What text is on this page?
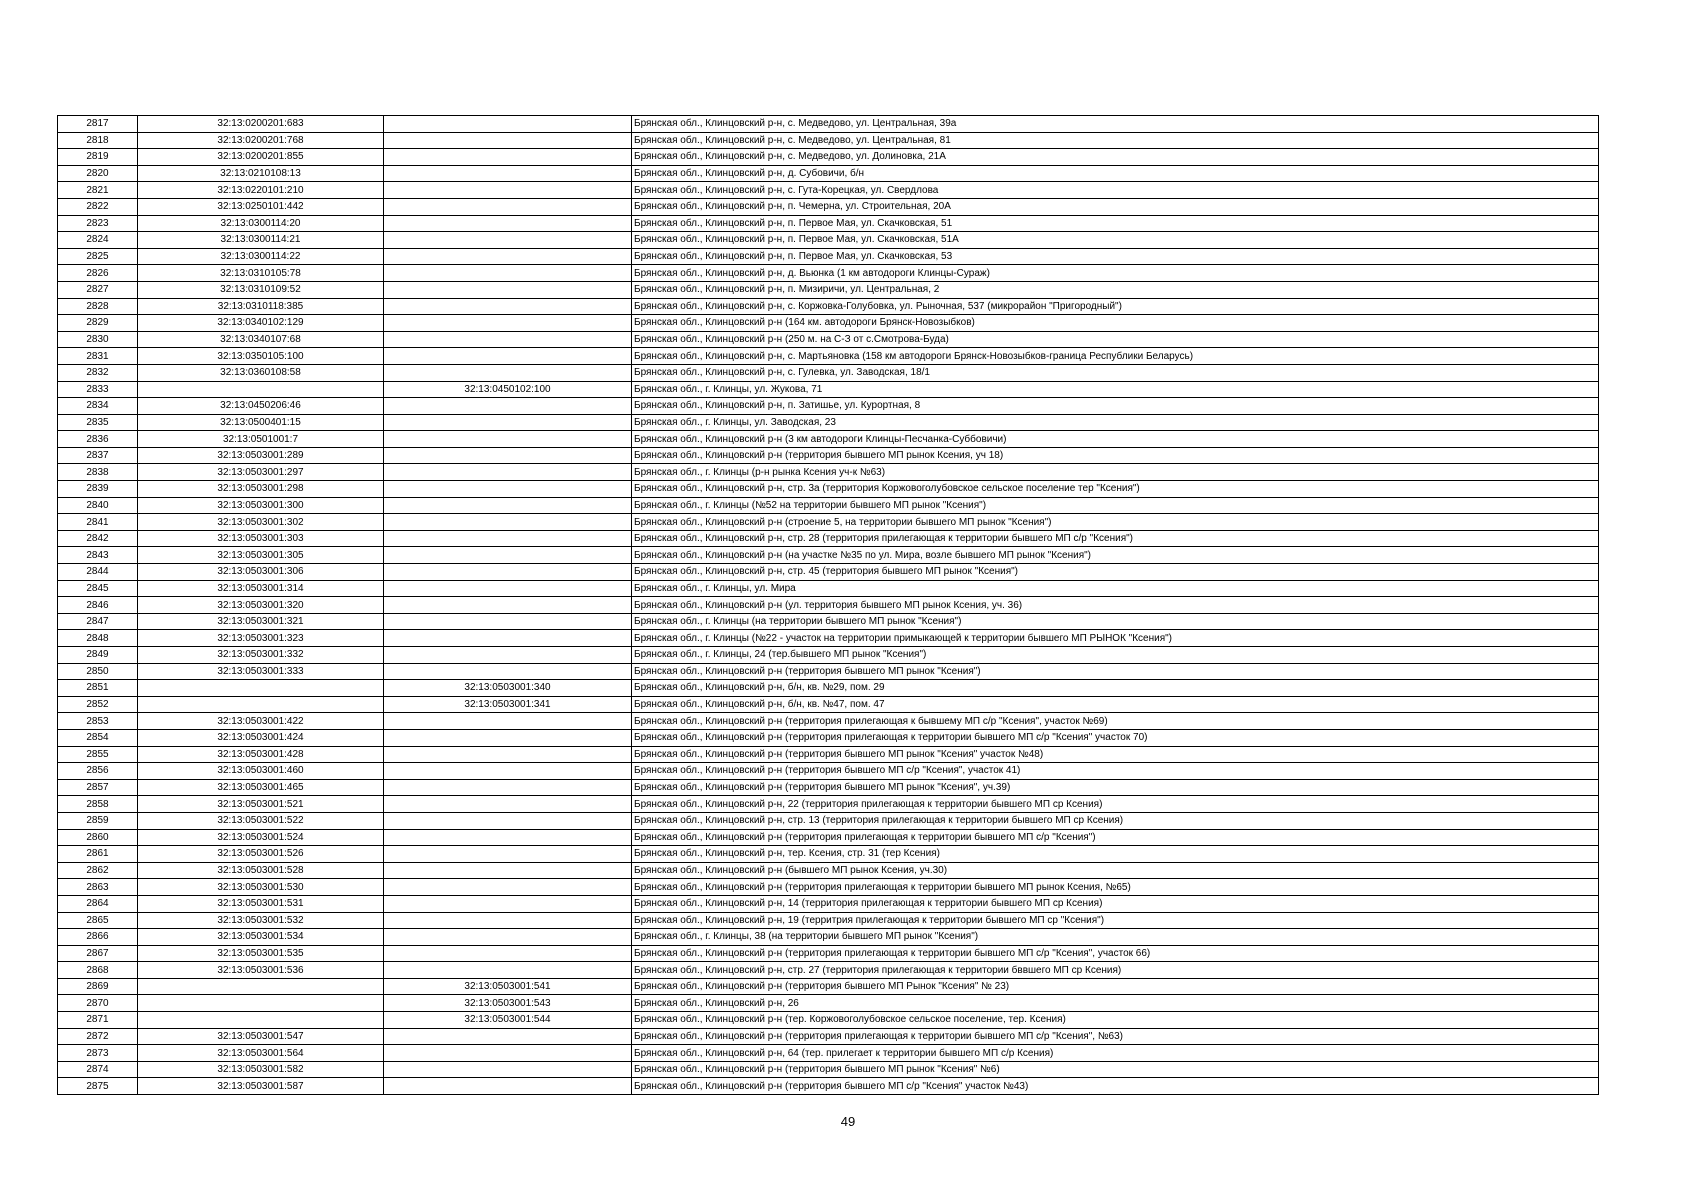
2817	32:13:0200201:683		Брянская обл., Клинцовский р-н, с. Медведово, ул. Центральная, 39а
2818	32:13:0200201:768		Брянская обл., Клинцовский р-н, с. Медведово, ул. Центральная, 81
2819	32:13:0200201:855		Брянская обл., Клинцовский р-н, с. Медведово, ул. Долиновка, 21А
2820	32:13:0210108:13		Брянская обл., Клинцовский р-н, д. Субовичи, б/н
2821	32:13:0220101:210		Брянская обл., Клинцовский р-н, с. Гута-Корецкая, ул. Свердлова
2822	32:13:0250101:442		Брянская обл., Клинцовский р-н, п. Чемерна, ул. Строительная, 20А
2823	32:13:0300114:20		Брянская обл., Клинцовский р-н, п. Первое Мая, ул. Скачковская, 51
2824	32:13:0300114:21		Брянская обл., Клинцовский р-н, п. Первое Мая, ул. Скачковская, 51А
2825	32:13:0300114:22		Брянская обл., Клинцовский р-н, п. Первое Мая, ул. Скачковская, 53
2826	32:13:0310105:78		Брянская обл., Клинцовский р-н, д. Вьюнка (1 км автодороги Клинцы-Сураж)
2827	32:13:0310109:52		Брянская обл., Клинцовский р-н, п. Мизиричи, ул. Центральная, 2
2828	32:13:0310118:385		Брянская обл., Клинцовский р-н, с. Коржовка-Голубовка, ул. Рыночная, 537 (микрорайон "Пригородный")
2829	32:13:0340102:129		Брянская обл., Клинцовский р-н (164 км. автодороги Брянск-Новозыбков)
2830	32:13:0340107:68		Брянская обл., Клинцовский р-н (250 м. на С-З от с.Смотрова-Буда)
2831	32:13:0350105:100		Брянская обл., Клинцовский р-н, с. Мартьяновка (158 км автодороги Брянск-Новозыбков-граница Республики Беларусь)
2832	32:13:0360108:58		Брянская обл., Клинцовский р-н, с. Гулевка, ул. Заводская, 18/1
2833		32:13:0450102:100	Брянская обл., г. Клинцы, ул. Жукова, 71
2834	32:13:0450206:46		Брянская обл., Клинцовский р-н, п. Затишье, ул. Курортная, 8
2835	32:13:0500401:15		Брянская обл., г. Клинцы, ул. Заводская, 23
2836	32:13:0501001:7		Брянская обл., Клинцовский р-н (3 км автодороги Клинцы-Песчанка-Суббовичи)
2837	32:13:0503001:289		Брянская обл., Клинцовский р-н (территория бывшего МП рынок Ксения, уч 18)
2838	32:13:0503001:297		Брянская обл., г. Клинцы (р-н рынка Ксения уч-к №63)
2839	32:13:0503001:298		Брянская обл., Клинцовский р-н, стр. 3а (территория Коржовоголубовское сельское поселение тер "Ксения")
2840	32:13:0503001:300		Брянская обл., г. Клинцы (№52 на территории бывшего МП рынок "Ксения")
2841	32:13:0503001:302		Брянская обл., Клинцовский р-н (строение 5, на территории бывшего МП рынок "Ксения")
2842	32:13:0503001:303		Брянская обл., Клинцовский р-н, стр. 28 (территория прилегающая к территории бывшего МП с/р "Ксения")
2843	32:13:0503001:305		Брянская обл., Клинцовский р-н (на участке №35 по ул. Мира, возле бывшего МП рынок "Ксения")
2844	32:13:0503001:306		Брянская обл., Клинцовский р-н, стр. 45 (территория бывшего МП рынок "Ксения")
2845	32:13:0503001:314		Брянская обл., г. Клинцы, ул. Мира
2846	32:13:0503001:320		Брянская обл., Клинцовский р-н (ул. территория бывшего МП рынок Ксения, уч. 36)
2847	32:13:0503001:321		Брянская обл., г. Клинцы (на территории бывшего МП рынок "Ксения")
2848	32:13:0503001:323		Брянская обл., г. Клинцы (№22 - участок на территории примыкающей к территории бывшего МП РЫНОК "Ксения")
2849	32:13:0503001:332		Брянская обл., г. Клинцы, 24 (тер.бывшего МП рынок "Ксения")
2850	32:13:0503001:333		Брянская обл., Клинцовский р-н (территория бывшего МП рынок "Ксения")
2851		32:13:0503001:340	Брянская обл., Клинцовский р-н, б/н, кв. №29, пом. 29
2852		32:13:0503001:341	Брянская обл., Клинцовский р-н, б/н, кв. №47, пом. 47
2853	32:13:0503001:422		Брянская обл., Клинцовский р-н (территория прилегающая к бывшему МП с/р "Ксения", участок №69)
2854	32:13:0503001:424		Брянская обл., Клинцовский р-н (территория прилегающая к территории бывшего МП с/р "Ксения" участок 70)
2855	32:13:0503001:428		Брянская обл., Клинцовский р-н (территория бывшего МП рынок "Ксения" участок №48)
2856	32:13:0503001:460		Брянская обл., Клинцовский р-н (территория бывшего МП с/р "Ксения", участок 41)
2857	32:13:0503001:465		Брянская обл., Клинцовский р-н (территория бывшего МП рынок "Ксения", уч.39)
2858	32:13:0503001:521		Брянская обл., Клинцовский р-н, 22 (территория прилегающая к территории бывшего МП ср Ксения)
2859	32:13:0503001:522		Брянская обл., Клинцовский р-н, стр. 13 (территория прилегающая к территории бывшего МП ср Ксения)
2860	32:13:0503001:524		Брянская обл., Клинцовский р-н (территория прилегающая к территории бывшего МП с/р "Ксения")
2861	32:13:0503001:526		Брянская обл., Клинцовский р-н, тер. Ксения, стр. 31 (тер Ксения)
2862	32:13:0503001:528		Брянская обл., Клинцовский р-н (бывшего МП рынок Ксения, уч.30)
2863	32:13:0503001:530		Брянская обл., Клинцовский р-н (территория прилегающая к территории бывшего МП рынок Ксения, №65)
2864	32:13:0503001:531		Брянская обл., Клинцовский р-н, 14 (территория прилегающая к территории бывшего МП ср Ксения)
2865	32:13:0503001:532		Брянская обл., Клинцовский р-н, 19 (территрия прилегающая к территории бывшего МП ср "Ксения")
2866	32:13:0503001:534		Брянская обл., г. Клинцы, 38 (на территории бывшего МП рынок "Ксения")
2867	32:13:0503001:535		Брянская обл., Клинцовский р-н (территория прилегающая к территории бывшего МП с/р "Ксения", участок 66)
2868	32:13:0503001:536		Брянская обл., Клинцовский р-н, стр. 27 (территория прилегающая к территории бввшего МП ср Ксения)
2869		32:13:0503001:541	Брянская обл., Клинцовский р-н (территория бывшего МП Рынок "Ксения" № 23)
2870		32:13:0503001:543	Брянская обл., Клинцовский р-н, 26
2871		32:13:0503001:544	Брянская обл., Клинцовский р-н (тер. Коржовоголубовское сельское поселение, тер. Ксения)
2872	32:13:0503001:547		Брянская обл., Клинцовский р-н (территория прилегающая к территории бывшего МП с/р "Ксения", №63)
2873	32:13:0503001:564		Брянская обл., Клинцовский р-н, 64 (тер. прилегает к территории бывшего МП с/р Ксения)
2874	32:13:0503001:582		Брянская обл., Клинцовский р-н (территория бывшего МП рынок "Ксения" №6)
2875	32:13:0503001:587		Брянская обл., Клинцовский р-н (территория бывшего МП с/р "Ксения" участок №43)
49
